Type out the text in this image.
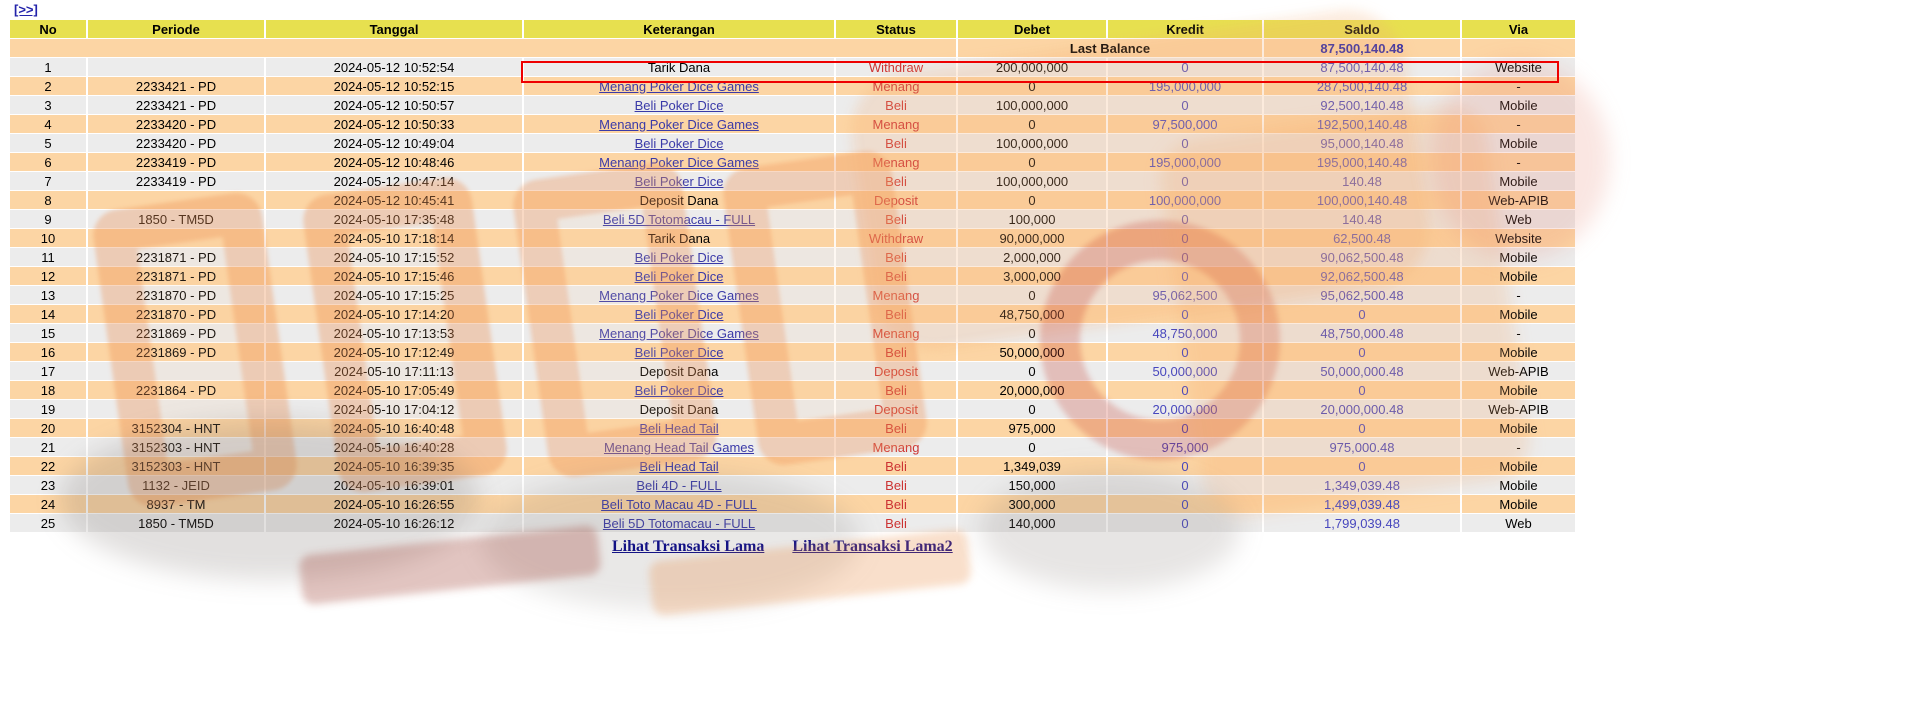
[>>]
No	Periode	Tanggal	Keterangan	Status	Debet	Kredit	Saldo	Via
					Last Balance		87,500,140.48	
1		2024-05-12 10:52:54	Tarik Dana	Withdraw	200,000,000	0	87,500,140.48	Website
2	2233421 - PD	2024-05-12 10:52:15	Menang Poker Dice Games	Menang	0	195,000,000	287,500,140.48	-
3	2233421 - PD	2024-05-12 10:50:57	Beli Poker Dice	Beli	100,000,000	0	92,500,140.48	Mobile
4	2233420 - PD	2024-05-12 10:50:33	Menang Poker Dice Games	Menang	0	97,500,000	192,500,140.48	-
5	2233420 - PD	2024-05-12 10:49:04	Beli Poker Dice	Beli	100,000,000	0	95,000,140.48	Mobile
6	2233419 - PD	2024-05-12 10:48:46	Menang Poker Dice Games	Menang	0	195,000,000	195,000,140.48	-
7	2233419 - PD	2024-05-12 10:47:14	Beli Poker Dice	Beli	100,000,000	0	140.48	Mobile
8		2024-05-12 10:45:41	Deposit Dana	Deposit	0	100,000,000	100,000,140.48	Web-APIB
9	1850 - TM5D	2024-05-10 17:35:48	Beli 5D Totomacau - FULL	Beli	100,000	0	140.48	Web
10		2024-05-10 17:18:14	Tarik Dana	Withdraw	90,000,000	0	62,500.48	Website
11	2231871 - PD	2024-05-10 17:15:52	Beli Poker Dice	Beli	2,000,000	0	90,062,500.48	Mobile
12	2231871 - PD	2024-05-10 17:15:46	Beli Poker Dice	Beli	3,000,000	0	92,062,500.48	Mobile
13	2231870 - PD	2024-05-10 17:15:25	Menang Poker Dice Games	Menang	0	95,062,500	95,062,500.48	-
14	2231870 - PD	2024-05-10 17:14:20	Beli Poker Dice	Beli	48,750,000	0	0	Mobile
15	2231869 - PD	2024-05-10 17:13:53	Menang Poker Dice Games	Menang	0	48,750,000	48,750,000.48	-
16	2231869 - PD	2024-05-10 17:12:49	Beli Poker Dice	Beli	50,000,000	0	0	Mobile
17		2024-05-10 17:11:13	Deposit Dana	Deposit	0	50,000,000	50,000,000.48	Web-APIB
18	2231864 - PD	2024-05-10 17:05:49	Beli Poker Dice	Beli	20,000,000	0	0	Mobile
19		2024-05-10 17:04:12	Deposit Dana	Deposit	0	20,000,000	20,000,000.48	Web-APIB
20	3152304 - HNT	2024-05-10 16:40:48	Beli Head Tail	Beli	975,000	0	0	Mobile
21	3152303 - HNT	2024-05-10 16:40:28	Menang Head Tail Games	Menang	0	975,000	975,000.48	-
22	3152303 - HNT	2024-05-10 16:39:35	Beli Head Tail	Beli	1,349,039	0	0	Mobile
23	1132 - JEID	2024-05-10 16:39:01	Beli 4D - FULL	Beli	150,000	0	1,349,039.48	Mobile
24	8937 - TM	2024-05-10 16:26:55	Beli Toto Macau 4D - FULL	Beli	300,000	0	1,499,039.48	Mobile
25	1850 - TM5D	2024-05-10 16:26:12	Beli 5D Totomacau - FULL	Beli	140,000	0	1,799,039.48	Web
Lihat Transaksi Lama Lihat Transaksi Lama2
